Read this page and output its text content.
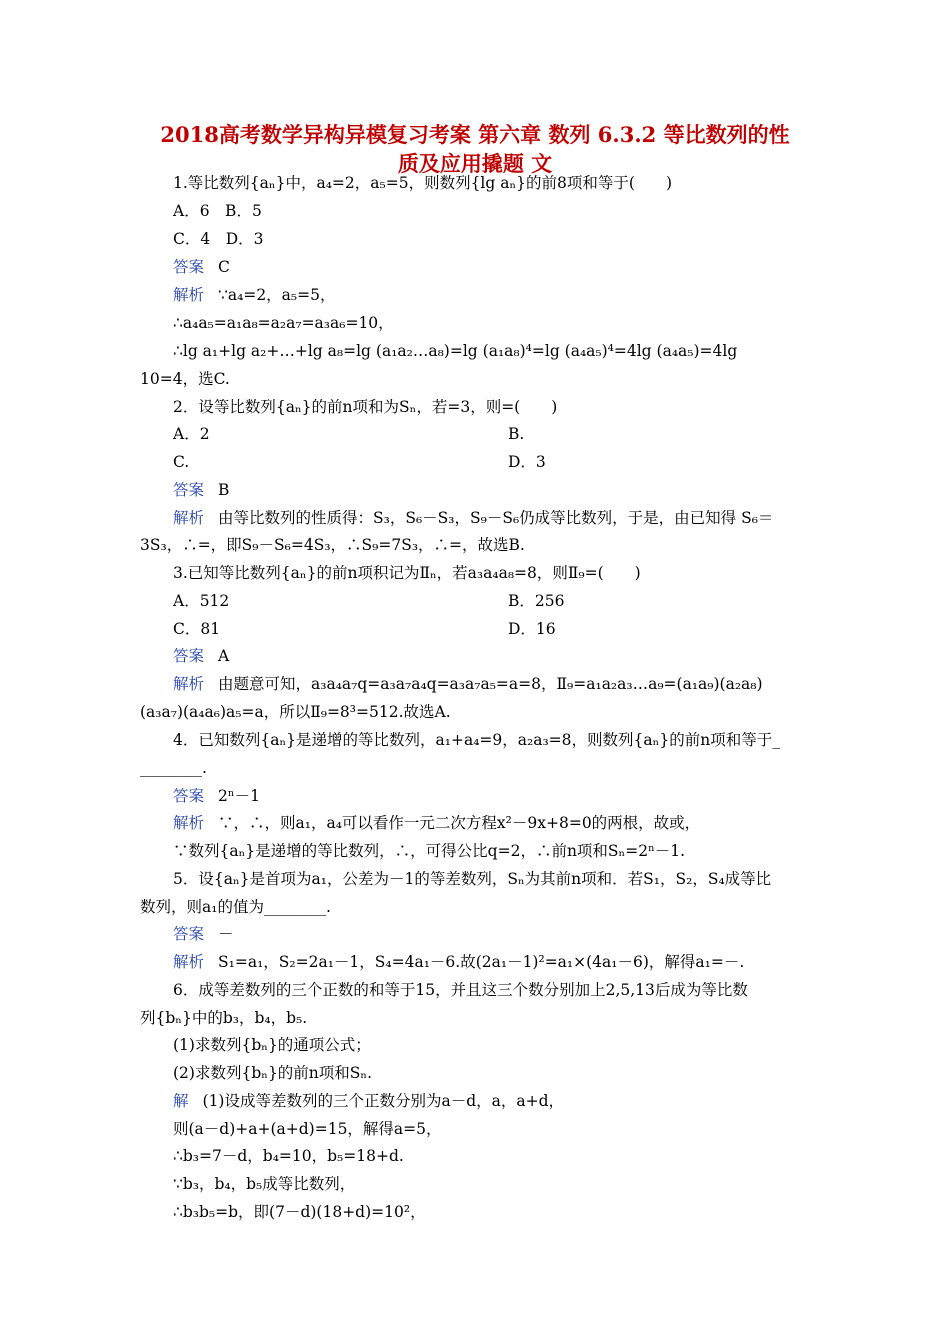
2018高考数学异构异模复习考案 第六章 数列 6.3.2 等比数列的性
质及应用撬题 文
1.等比数列{aₙ}中，a₄=2，a₅=5，则数列{lg aₙ}的前8项和等于(　　)
A．6　B．5
C．4　D．3
答案 C
解析 ∵a₄=2，a₅=5，
∴a₄a₅=a₁a₈=a₂a₇=a₃a₆=10，
∴lg a₁+lg a₂+…+lg a₈=lg (a₁a₂…a₈)=lg (a₁a₈)⁴=lg (a₄a₅)⁴=4lg (a₄a₅)=4lg
10=4，选C.
2．设等比数列{aₙ}的前n项和为Sₙ，若=3，则=(　　)
A．2	B.
C.	D．3
答案 B
解析 由等比数列的性质得：S₃，S₆－S₃，S₉－S₆仍成等比数列，于是，由已知得 S₆＝
3S₃，∴=，即S₉－S₆=4S₃，∴S₉=7S₃，∴=，故选B.
3.已知等比数列{aₙ}的前n项积记为Ⅱₙ，若a₃a₄a₈=8，则Ⅱ₉=(　　)
A．512	B．256
C．81	D．16
答案 A
解析 由题意可知，a₃a₄a₇q=a₃a₇a₄q=a₃a₇a₅=a=8，Ⅱ₉=a₁a₂a₃…a₉=(a₁a₉)(a₂a₈)
(a₃a₇)(a₄a₆)a₅=a，所以Ⅱ₉=8³=512.故选A.
4．已知数列{aₙ}是递增的等比数列，a₁+a₄=9，a₂a₃=8，则数列{aₙ}的前n项和等于_
________.
答案 2ⁿ－1
解析 ∵，∴，则a₁，a₄可以看作一元二次方程x²－9x+8=0的两根，故或，
∵数列{aₙ}是递增的等比数列，∴，可得公比q=2，∴前n项和Sₙ=2ⁿ－1.
5．设{aₙ}是首项为a₁，公差为－1的等差数列，Sₙ为其前n项和．若S₁，S₂，S₄成等比
数列，则a₁的值为________.
答案 －
解析 S₁=a₁，S₂=2a₁－1，S₄=4a₁－6.故(2a₁－1)²=a₁×(4a₁－6)，解得a₁=－.
6．成等差数列的三个正数的和等于15，并且这三个数分别加上2,5,13后成为等比数
列{bₙ}中的b₃，b₄，b₅.
(1)求数列{bₙ}的通项公式；
(2)求数列{bₙ}的前n项和Sₙ.
解 (1)设成等差数列的三个正数分别为a－d，a，a+d，
则(a－d)+a+(a+d)=15，解得a=5，
∴b₃=7－d，b₄=10，b₅=18+d.
∵b₃，b₄，b₅成等比数列，
∴b₃b₅=b，即(7－d)(18+d)=10²，
